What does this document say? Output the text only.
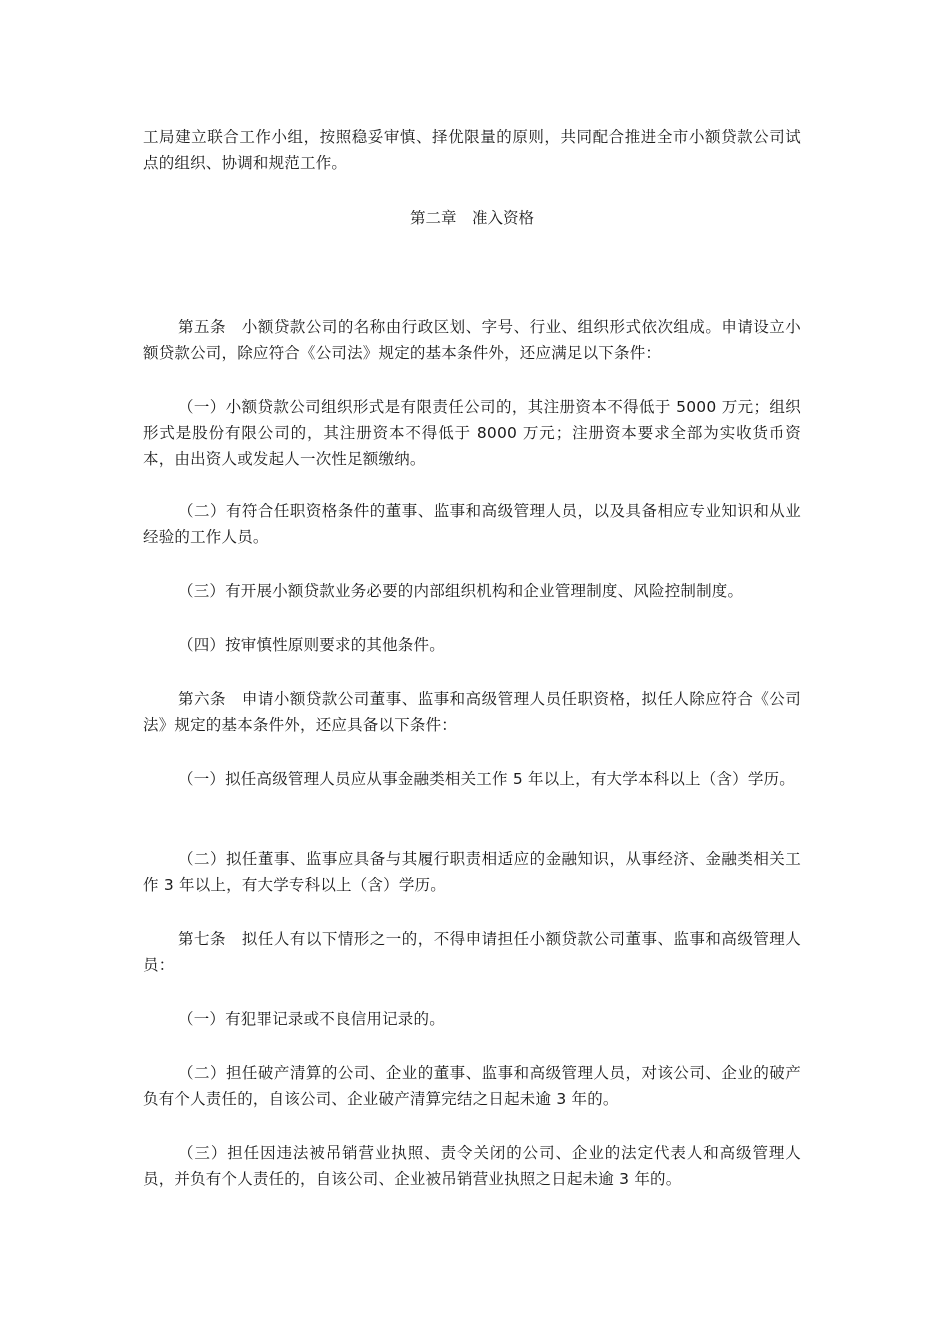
工局建立联合工作小组，按照稳妥审慎、择优限量的原则，共同配合推进全市小额贷款公司试点的组织、协调和规范工作。

第二章　准入资格

第五条　小额贷款公司的名称由行政区划、字号、行业、组织形式依次组成。申请设立小额贷款公司，除应符合《公司法》规定的基本条件外，还应满足以下条件：

（一）小额贷款公司组织形式是有限责任公司的，其注册资本不得低于 5000 万元；组织形式是股份有限公司的，其注册资本不得低于 8000 万元；注册资本要求全部为实收货币资本，由出资人或发起人一次性足额缴纳。

（二）有符合任职资格条件的董事、监事和高级管理人员，以及具备相应专业知识和从业经验的工作人员。

（三）有开展小额贷款业务必要的内部组织机构和企业管理制度、风险控制制度。

（四）按审慎性原则要求的其他条件。

第六条　申请小额贷款公司董事、监事和高级管理人员任职资格，拟任人除应符合《公司法》规定的基本条件外，还应具备以下条件：

（一）拟任高级管理人员应从事金融类相关工作 5 年以上，有大学本科以上（含）学历。

（二）拟任董事、监事应具备与其履行职责相适应的金融知识，从事经济、金融类相关工作 3 年以上，有大学专科以上（含）学历。

第七条　拟任人有以下情形之一的，不得申请担任小额贷款公司董事、监事和高级管理人员：

（一）有犯罪记录或不良信用记录的。

（二）担任破产清算的公司、企业的董事、监事和高级管理人员，对该公司、企业的破产负有个人责任的，自该公司、企业破产清算完结之日起未逾 3 年的。

（三）担任因违法被吊销营业执照、责令关闭的公司、企业的法定代表人和高级管理人员，并负有个人责任的，自该公司、企业被吊销营业执照之日起未逾 3 年的。
